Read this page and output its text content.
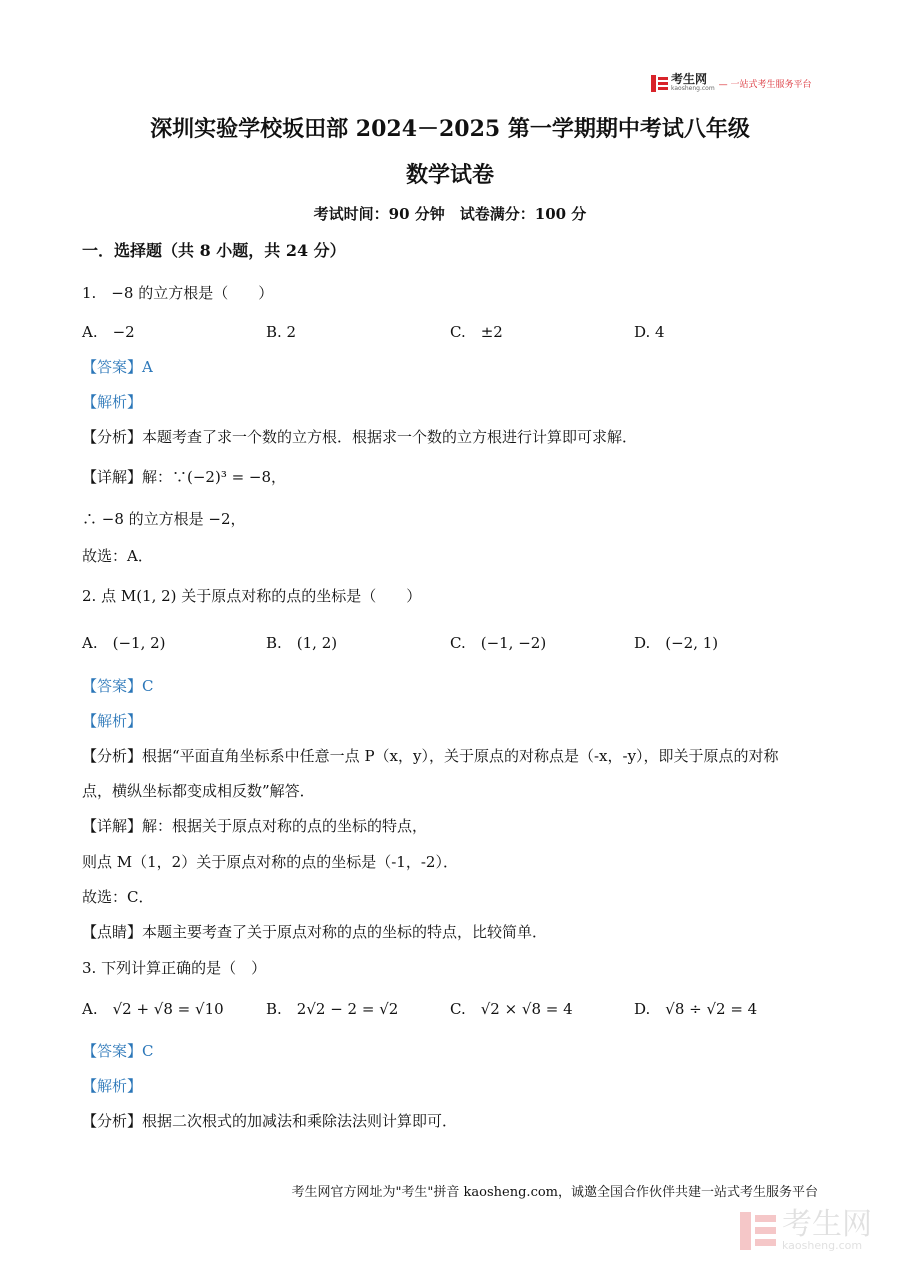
考生网
kaosheng.com — 一站式考生服务平台
深圳实验学校坂田部 2024－2025 第一学期期中考试八年级
数学试卷
考试时间：90 分钟　试卷满分：100 分
一．选择题（共 8 小题，共 24 分）
1.　−8 的立方根是（　　）
A.　−2	B. 2	C.　±2	D. 4
【答案】A
【解析】
【分析】本题考查了求一个数的立方根．根据求一个数的立方根进行计算即可求解．
【详解】解：∵(−2)³ = −8，
∴ −8 的立方根是 −2，
故选：A．
2. 点 M(1, 2) 关于原点对称的点的坐标是（　　）
A.　(−1, 2)	B.　(1, 2)	C.　(−1, −2)	D.　(−2, 1)
【答案】C
【解析】
【分析】根据“平面直角坐标系中任意一点 P（x，y），关于原点的对称点是（-x，-y），即关于原点的对称
点，横纵坐标都变成相反数”解答．
【详解】解：根据关于原点对称的点的坐标的特点，
则点 M（1，2）关于原点对称的点的坐标是（-1，-2）．
故选：C．
【点睛】本题主要考查了关于原点对称的点的坐标的特点，比较简单．
3. 下列计算正确的是（　）
A.　√2 + √8 = √10	B.　2√2 − 2 = √2	C.　√2 × √8 = 4	D.　√8 ÷ √2 = 4
【答案】C
【解析】
【分析】根据二次根式的加减法和乘除法法则计算即可．
考生网官方网址为"考生"拼音 kaosheng.com，诚邀全国合作伙伴共建一站式考生服务平台
考生网
kaosheng.com
